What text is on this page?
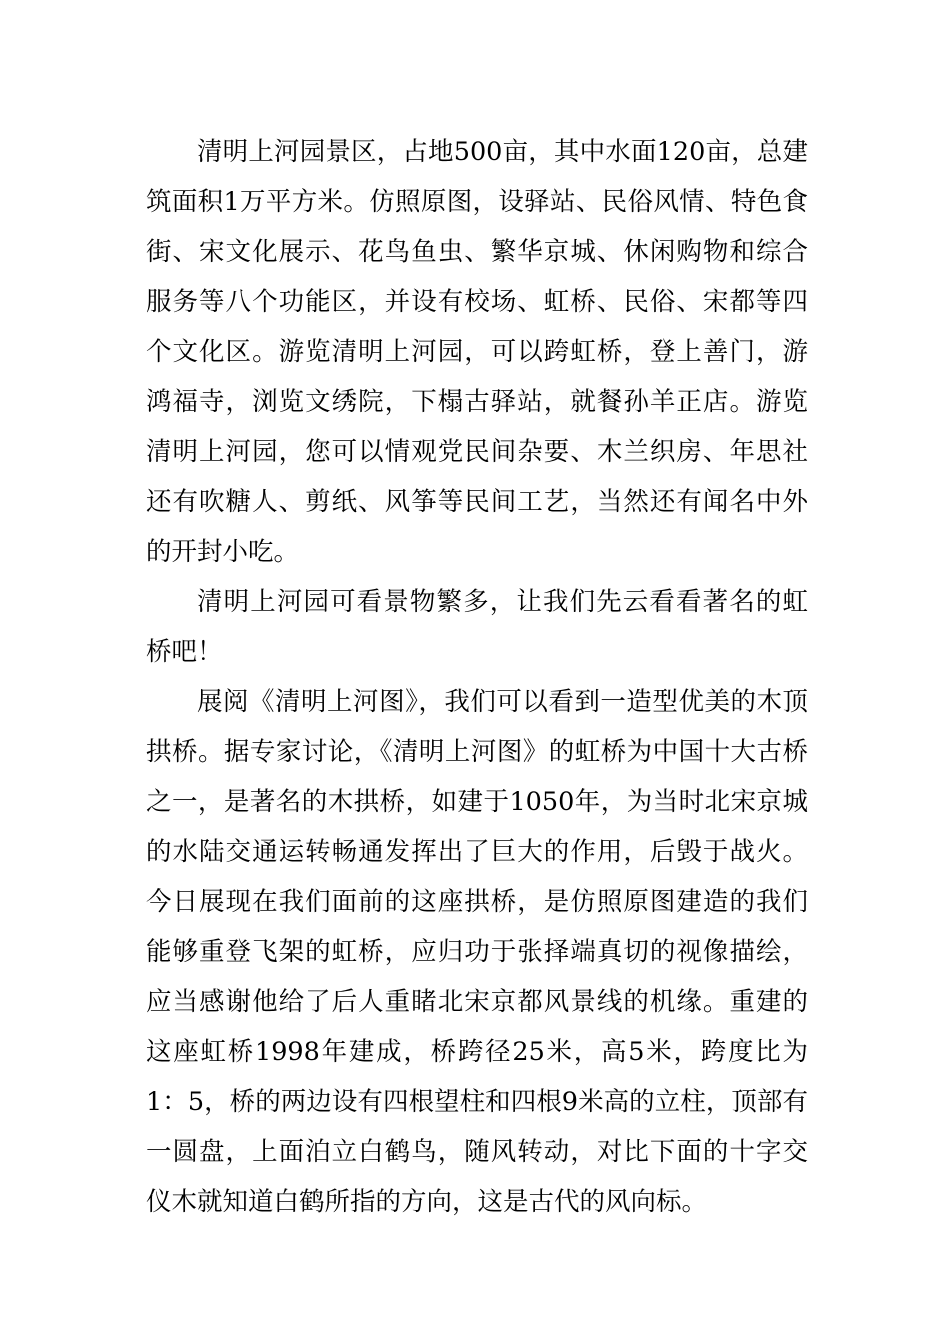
清明上河园景区，占地500亩，其中水面120亩，总建筑面积1万平方米。仿照原图，设驿站、民俗风情、特色食街、宋文化展示、花鸟鱼虫、繁华京城、休闲购物和综合服务等八个功能区，并设有校场、虹桥、民俗、宋都等四个文化区。游览清明上河园，可以跨虹桥，登上善门，游鸿福寺，浏览文绣院，下榻古驿站，就餐孙羊正店。游览清明上河园，您可以情观党民间杂要、木兰织房、年思社还有吹糖人、剪纸、风筝等民间工艺，当然还有闻名中外的开封小吃。

清明上河园可看景物繁多，让我们先云看看著名的虹桥吧！

展阅《清明上河图》，我们可以看到一造型优美的木顶拱桥。据专家讨论，《清明上河图》的虹桥为中国十大古桥之一，是著名的木拱桥，如建于1050年，为当时北宋京城的水陆交通运转畅通发挥出了巨大的作用，后毁于战火。今日展现在我们面前的这座拱桥，是仿照原图建造的我们能够重登飞架的虹桥，应归功于张择端真切的视像描绘，应当感谢他给了后人重睹北宋京都风景线的机缘。重建的这座虹桥1998年建成，桥跨径25米，高5米，跨度比为1：5，桥的两边设有四根望柱和四根9米高的立柱，顶部有一圆盘，上面泊立白鹤鸟，随风转动，对比下面的十字交仪木就知道白鹤所指的方向，这是古代的风向标。
